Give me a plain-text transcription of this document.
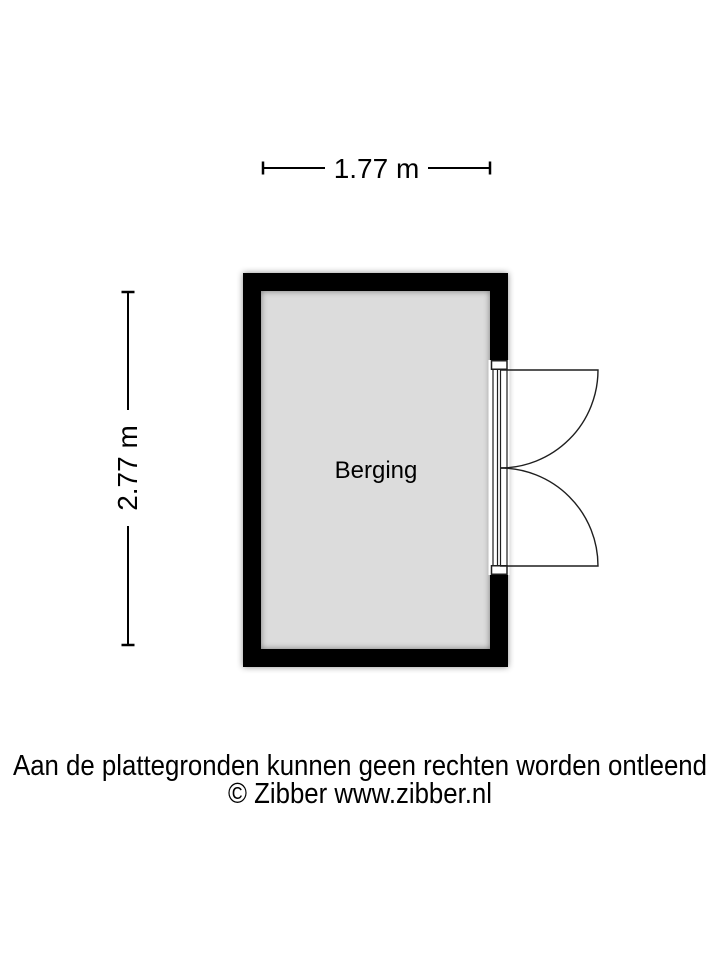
1.77 m
2.77 m	Berging
Aan de plattegronden kunnen geen rechten worden ontleend
© Zibber www.zibber.nl
